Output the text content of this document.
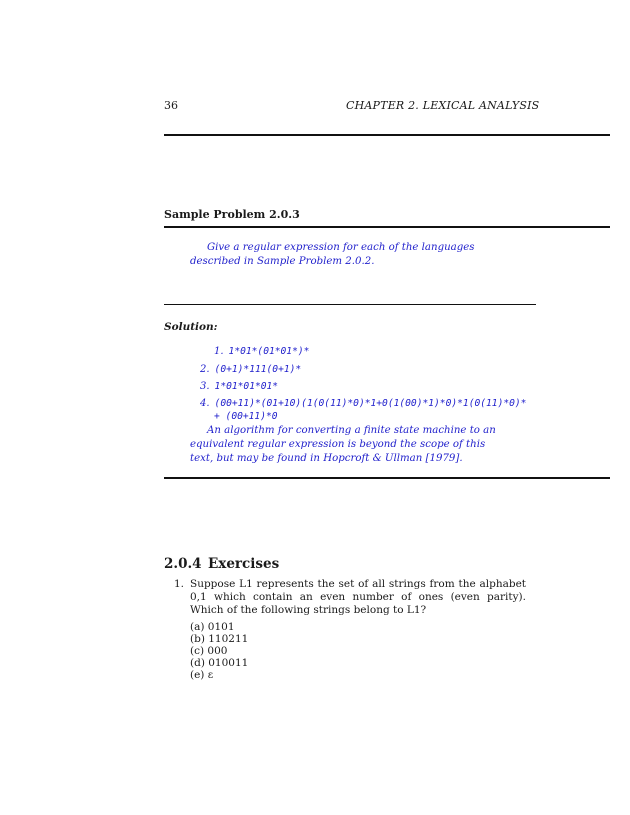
36	CHAPTER 2. LEXICAL ANALYSIS
Sample Problem 2.0.3
Give a regular expression for each of the languages described in Sample Problem 2.0.2.
Solution:
1. 1*01*(01*01*)*
2. (0+1)*111(0+1)*
3. 1*01*01*01*
4. (00+11)*(01+10)(1(0(11)*0)*1+0(1(00)*1)*0)*1(0(11)*0)*
+ (00+11)*0
An algorithm for converting a finite state machine to an equivalent regular expression is beyond the scope of this text, but may be found in Hopcroft & Ullman [1979].
2.0.4 Exercises
1. Suppose L1 represents the set of all strings from the alphabet 0,1 which contain an even number of ones (even parity). Which of the following strings belong to L1?
(a) 0101
(b) 110211
(c) 000
(d) 010011
(e) ε
